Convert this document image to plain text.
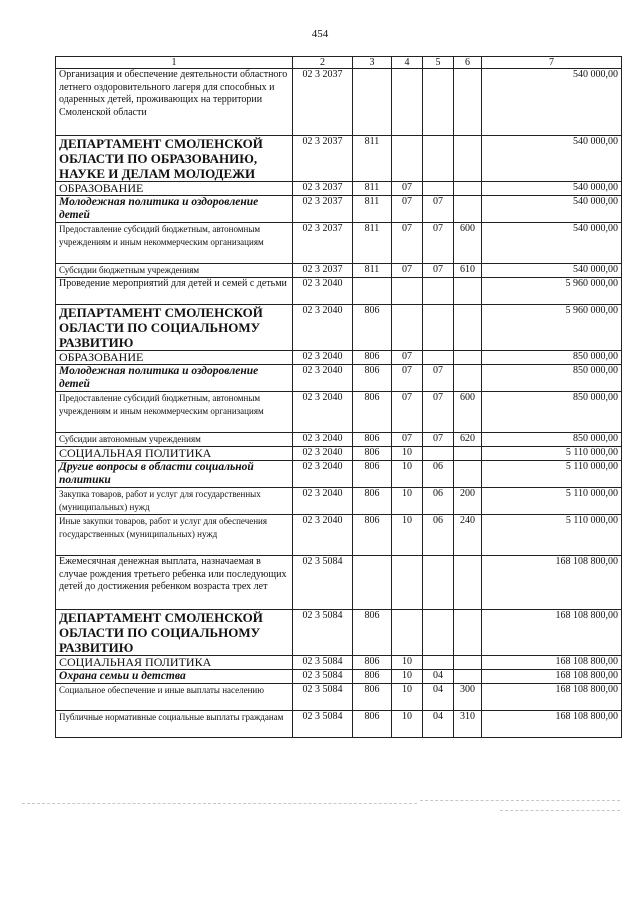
454
1	2	3	4	5	6	7
Организация и обеспечение деятельности областного летнего оздоровительного лагеря для способных и одаренных детей, проживающих на территории Смоленской области	02 3 2037					540 000,00
ДЕПАРТАМЕНТ СМОЛЕНСКОЙ ОБЛАСТИ ПО ОБРАЗОВАНИЮ, НАУКЕ И ДЕЛАМ МОЛОДЕЖИ	02 3 2037	811				540 000,00
ОБРАЗОВАНИЕ	02 3 2037	811	07			540 000,00
Молодежная политика и оздоровление детей	02 3 2037	811	07	07		540 000,00
Предоставление субсидий бюджетным, автономным учреждениям и иным некоммерческим организациям	02 3 2037	811	07	07	600	540 000,00
Субсидии бюджетным учреждениям	02 3 2037	811	07	07	610	540 000,00
Проведение мероприятий для детей и семей с детьми	02 3 2040					5 960 000,00
ДЕПАРТАМЕНТ СМОЛЕНСКОЙ ОБЛАСТИ ПО СОЦИАЛЬНОМУ РАЗВИТИЮ	02 3 2040	806				5 960 000,00
ОБРАЗОВАНИЕ	02 3 2040	806	07			850 000,00
Молодежная политика и оздоровление детей	02 3 2040	806	07	07		850 000,00
Предоставление субсидий бюджетным, автономным учреждениям и иным некоммерческим организациям	02 3 2040	806	07	07	600	850 000,00
Субсидии автономным учреждениям	02 3 2040	806	07	07	620	850 000,00
СОЦИАЛЬНАЯ ПОЛИТИКА	02 3 2040	806	10			5 110 000,00
Другие вопросы в области социальной политики	02 3 2040	806	10	06		5 110 000,00
Закупка товаров, работ и услуг для государственных (муниципальных) нужд	02 3 2040	806	10	06	200	5 110 000,00
Иные закупки товаров, работ и услуг для обеспечения государственных (муниципальных) нужд	02 3 2040	806	10	06	240	5 110 000,00
Ежемесячная денежная выплата, назначаемая в случае рождения третьего ребенка или последующих детей до достижения ребенком возраста трех лет	02 3 5084					168 108 800,00
ДЕПАРТАМЕНТ СМОЛЕНСКОЙ ОБЛАСТИ ПО СОЦИАЛЬНОМУ РАЗВИТИЮ	02 3 5084	806				168 108 800,00
СОЦИАЛЬНАЯ ПОЛИТИКА	02 3 5084	806	10			168 108 800,00
Охрана семьи и детства	02 3 5084	806	10	04		168 108 800,00
Социальное обеспечение и иные выплаты населению	02 3 5084	806	10	04	300	168 108 800,00
Публичные нормативные социальные выплаты гражданам	02 3 5084	806	10	04	310	168 108 800,00
